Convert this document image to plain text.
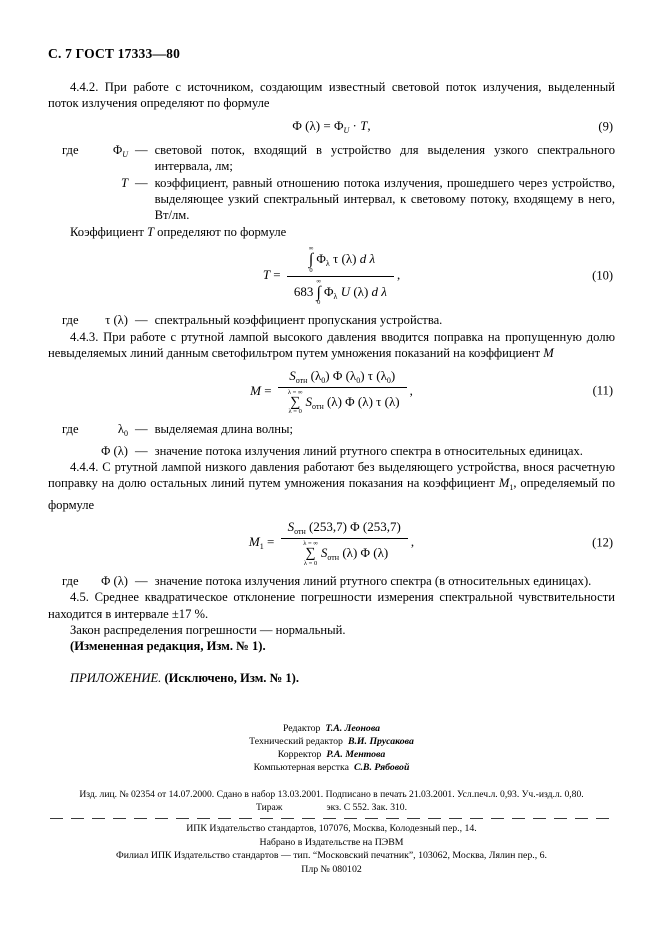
С. 7 ГОСТ 17333—80

4.4.2. При работе с источником, создающим известный световой поток излучения, выделенный поток излучения определяют по формуле

Φ $(\lambda) = \Phi_U \cdot T$,	(9)
где	$\Phi_U$ — световой поток, входящий в устройство для выделения узкого спектрального интервала, лм;
T — коэффициент, равный отношению потока излучения, прошедшего через устройство, выделяющее узкий спектральный интервал, к световому потоку, входящему в него, Вт/лм.

Коэффициент T определяют по формуле

T = ∞
∫
0
$\Phi_\lambda$ τ (λ) d λ
683
∞
∫
0
$\Phi_\lambda$ U (λ) d λ ,	(10)
где	τ (λ) — спектральный коэффициент пропускания устройства.

4.4.3. При работе с ртутной лампой высокого давления вводится поправка на пропущенную долю невыделяемых линий данным светофильтром путем умножения показаний на коэффициент M

$M = S_{отн}$ $(\lambda_0)$ Φ $(\lambda_0)$ τ $(\lambda_0)$
λ = ∞
∑
λ = 0
$S_{отн}$ (λ) Φ (λ) τ (λ) ,	(11)
где	$\lambda_0$ — выделяемая длина волны;
Φ (λ) — значение потока излучения линий ртутного спектра в относительных единицах.

4.4.4. С ртутной лампой низкого давления работают без выделяющего устройства, внося расчетную поправку на долю остальных линий путем умножения показания на коэффициент $M_1$, определяемый по формуле

$M_1 = S_{отн}$ (253,7) Φ (253,7)
λ = ∞
∑
λ = 0
$S_{отн}$ (λ) Φ (λ) ,	(12)
где	Φ (λ) — значение потока излучения линий ртутного спектра (в относительных единицах).

4.5. Среднее квадратическое отклонение погрешности измерения спектральной чувствительности находится в интервале ±17 %.

Закон распределения погрешности — нормальный.

(Измененная редакция, Изм. № 1).

ПРИЛОЖЕНИЕ. (Исключено, Изм. № 1).

Редактор Т.А. Леонова
Технический редактор В.И. Прусакова
Корректор Р.А. Ментова
Компьютерная верстка С.В. Рябовой
Изд. лиц. № 02354 от 14.07.2000. Сдано в набор 13.03.2001. Подписано в печать 21.03.2001. Усл.печ.л. 0,93. Уч.-изд.л. 0,80.
Тираж	экз. С 552. Зак. 310.
ИПК Издательство стандартов, 107076, Москва, Колодезный пер., 14.
Набрано в Издательстве на ПЭВМ
Филиал ИПК Издательство стандартов — тип. “Московский печатник”, 103062, Москва, Лялин пер., 6.
Плр № 080102
